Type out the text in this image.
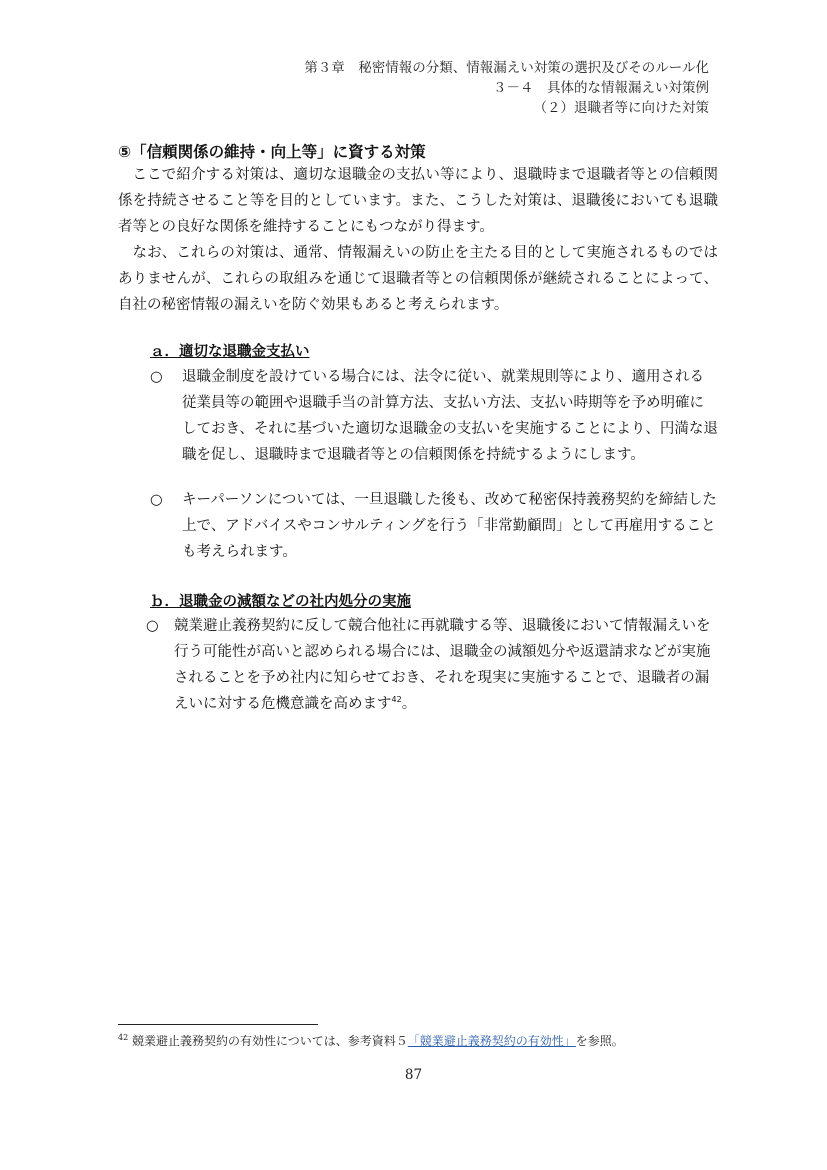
第３章　秘密情報の分類、情報漏えい対策の選択及びそのルール化
３－４　具体的な情報漏えい対策例
（２）退職者等に向けた対策
⑤「信頼関係の維持・向上等」に資する対策

ここで紹介する対策は、適切な退職金の支払い等により、退職時まで退職者等との信頼関係を持続させること等を目的としています。また、こうした対策は、退職後においても退職者等との良好な関係を維持することにもつながり得ます。

なお、これらの対策は、通常、情報漏えいの防止を主たる目的として実施されるものではありませんが、これらの取組みを通じて退職者等との信頼関係が継続されることによって、自社の秘密情報の漏えいを防ぐ効果もあると考えられます。

ａ．適切な退職金支払い
○ 退職金制度を設けている場合には、法令に従い、就業規則等により、適用される従業員等の範囲や退職手当の計算方法、支払い方法、支払い時期等を予め明確にしておき、それに基づいた適切な退職金の支払いを実施することにより、円満な退職を促し、退職時まで退職者等との信頼関係を持続するようにします。
○ キーパーソンについては、一旦退職した後も、改めて秘密保持義務契約を締結した上で、アドバイスやコンサルティングを行う「非常勤顧問」として再雇用することも考えられます。
ｂ．退職金の減額などの社内処分の実施
○ 競業避止義務契約に反して競合他社に再就職する等、退職後において情報漏えいを行う可能性が高いと認められる場合には、退職金の減額処分や返還請求などが実施されることを予め社内に知らせておき、それを現実に実施することで、退職者の漏えいに対する危機意識を高めます$^{42}$。
$^{42}$ 競業避止義務契約の有効性については、参考資料５「競業避止義務契約の有効性」を参照。
87
